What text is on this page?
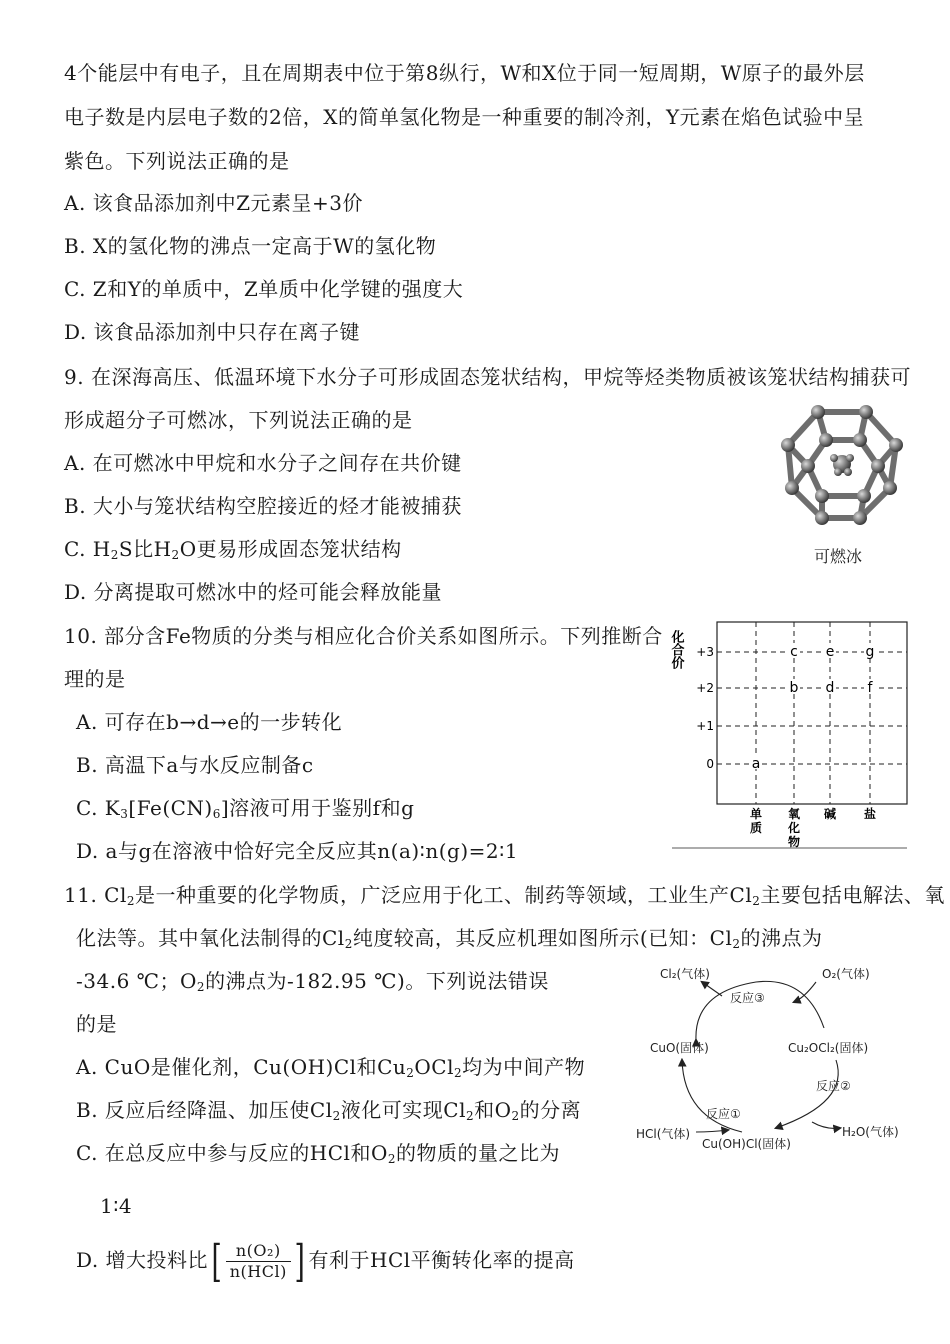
4个能层中有电子，且在周期表中位于第8纵行，W和X位于同一短周期，W原子的最外层
电子数是内层电子数的2倍，X的简单氢化物是一种重要的制冷剂，Y元素在焰色试验中呈
紫色。下列说法正确的是
A. 该食品添加剂中Z元素呈+3价
B. X的氢化物的沸点一定高于W的氢化物
C. Z和Y的单质中，Z单质中化学键的强度大
D. 该食品添加剂中只存在离子键
9. 在深海高压、低温环境下水分子可形成固态笼状结构，甲烷等烃类物质被该笼状结构捕获可
形成超分子可燃冰，下列说法正确的是
A. 在可燃冰中甲烷和水分子之间存在共价键
B. 大小与笼状结构空腔接近的烃才能被捕获
C. $H_2S$比$H_2O$更易形成固态笼状结构
D. 分离提取可燃冰中的烃可能会释放能量
可燃冰
10. 部分含Fe物质的分类与相应化合价关系如图所示。下列推断合
理的是
A. 可存在b→d→e的一步转化
B. 高温下a与水反应制备c
C. $K_3[Fe(CN)_6]$溶液可用于鉴别f和g
D. a与g在溶液中恰好完全反应其n(a)∶n(g)=2∶1
化合价 +3
+2
+1
0
单
质
氧
化
物
碱 盐
a
b
c
d
e
f
g
11. $Cl_2$是一种重要的化学物质，广泛应用于化工、制药等领域，工业生产$Cl_2$主要包括电解法、氧
化法等。其中氧化法制得的$Cl_2$纯度较高，其反应机理如图所示(已知：$Cl_2$的沸点为
-34.6 ℃；$O_2$的沸点为-182.95 ℃)。下列说法错误
的是
A. CuO是催化剂，Cu(OH)Cl和$Cu_2OCl_2$均为中间产物
B. 反应后经降温、加压使$Cl_2$液化可实现$Cl_2$和$O_2$的分离
C. 在总反应中参与反应的HCl和$O_2$的物质的量之比为
1∶4
D. 增大投料比[ $\frac{\text{n(O₂)}}{\text{n(HCl)}}$ ] 有利于HCl平衡转化率的提高
Cl₂(气体)	O₂(气体)
CuO(固体)	Cu₂OCl₂(固体)
HCl(气体)
Cu(OH)Cl(固体)
H₂O(气体)
反应③
反应②
反应①
